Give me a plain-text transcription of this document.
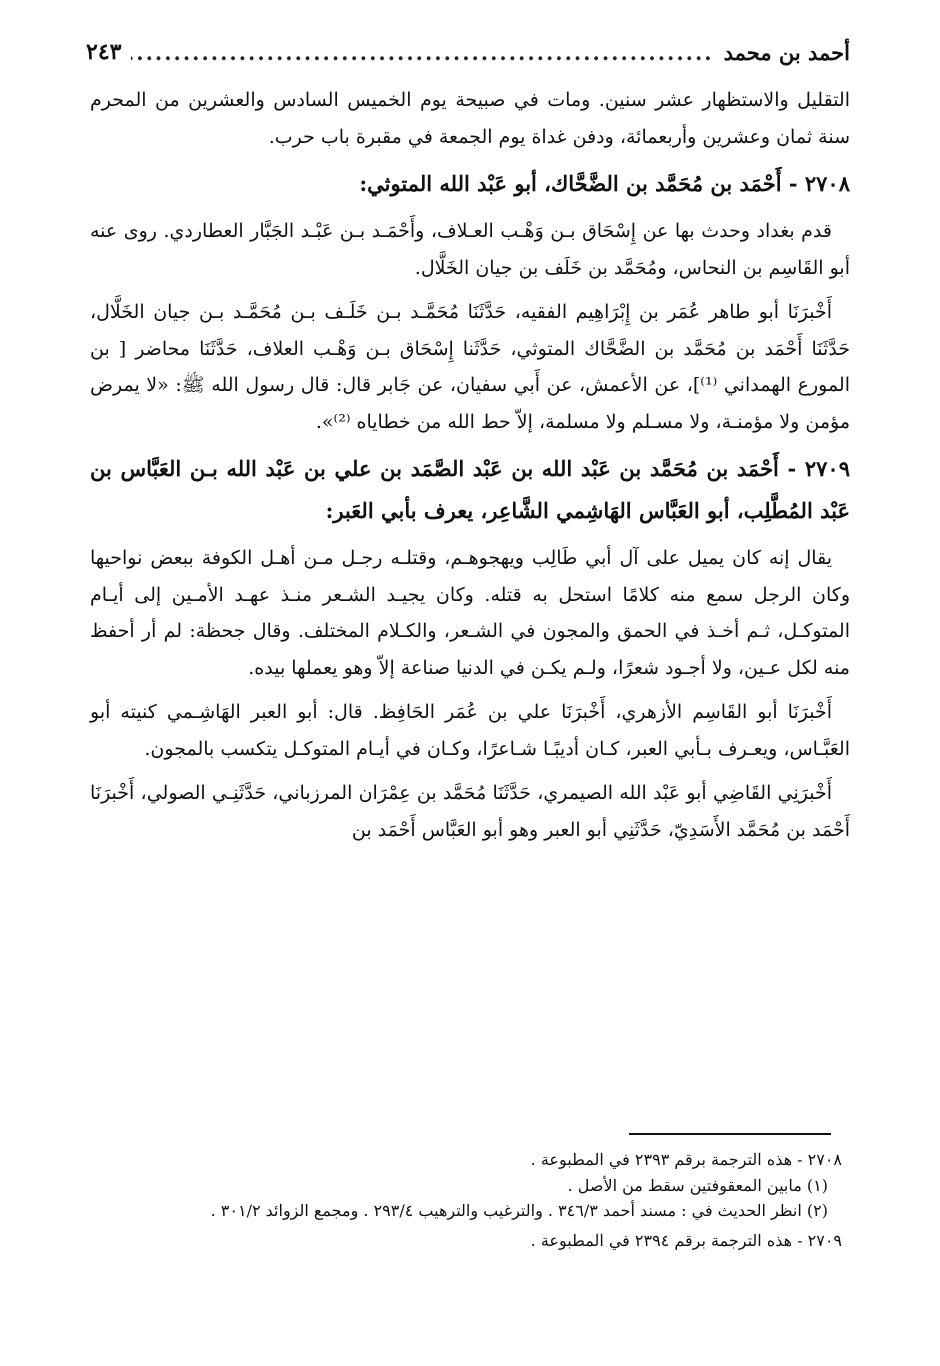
أحمد بن محمد
.....
٢٤٣

التقليل والاستظهار عشر سنين. ومات في صبيحة يوم الخميس السادس والعشرين من المحرم سنة ثمان وعشرين وأربعمائة، ودفن غداة يوم الجمعة في مقبرة باب حرب.

٢٧٠٨ - أَحْمَد بن مُحَمَّد بن الضَّحَّاك، أبو عَبْد الله المتوثي:

قدم بغداد وحدث بها عن إِسْحَاق بـن وَهْـب العـلاف، وأَحْمَـد بـن عَبْـد الجَبَّار العطاردي. روى عنه أبو القَاسِم بن النحاس، ومُحَمَّد بن خَلَف بن جيان الخَلَّال.

أَخْبرَنَا أبو طاهر عُمَر بن إِبْرَاهِيم الفقيه، حَدَّثَنَا مُحَمَّـد بـن خَلَـف بـن مُحَمَّـد بـن جيان الخَلَّال، حَدَّثَنَا أَحْمَد بن مُحَمَّد بن الضَّحَّاك المتوثي، حَدَّثَنا إِسْحَاق بـن وَهْـب العلاف، حَدَّثَنَا محاضر [ بن المورع الهمداني ⁽¹⁾]، عن الأعمش، عن أَبي سفيان، عن جَابر قال: قال رسول الله ﷺ: «لا يمرض مؤمن ولا مؤمنـة، ولا مسـلم ولا مسلمة، إلاّ حط الله من خطاياه ⁽²⁾».

٢٧٠٩ - أَحْمَد بن مُحَمَّد بن عَبْد الله بن عَبْد الصَّمَد بن علي بن عَبْد الله بـن العَبَّاس بن عَبْد المُطَّلِب، أبو العَبَّاس الهَاشِمي الشَّاعِر، يعرف بأبي العَبر:

يقال إنه كان يميل على آل أبي طَالِب ويهجوهـم، وقتلـه رجـل مـن أهـل الكوفة ببعض نواحيها وكان الرجل سمع منه كلامًا استحل به قتله. وكان يجيـد الشـعر منـذ عهـد الأمـين إلى أيـام المتوكـل، ثـم أخـذ في الحمق والمجون في الشـعر، والكـلام المختلف. وقال جحظة: لم أر أحفظ منه لكل عـين، ولا أجـود شعرًا، ولـم يكـن في الدنيا صناعة إلاّ وهو يعملها بيده.

أَخْبرَنَا أبو القَاسِم الأزهري، أَخْبرَنَا علي بن عُمَر الحَافِظ. قال: أبو العبر الهَاشِـمي كنيته أبو العَبَّـاس، ويعـرف بـأبي العبر، كـان أديبًـا شـاعرًا، وكـان في أيـام المتوكـل يتكسب بالمجون.

أَخْبرَنِي القَاضِي أبو عَبْد الله الصيمري، حَدَّثَنَا مُحَمَّد بن عِمْرَان المرزباني، حَدَّثَنِـي الصولي، أَخْبرَنَا أَحْمَد بن مُحَمَّد الأَسَدِيّ، حَدَّثَنِي أبو العبر وهو أبو العَبَّاس أَحْمَد بن

٢٧٠٨ - هذه الترجمة برقم ٢٣٩٣ في المطبوعة .
(١) مابين المعقوفتين سقط من الأصل .
(٢) انظر الحديث في : مسند أحمد ٣٤٦/٣ . والترغيب والترهيب ٢٩٣/٤ . ومجمع الزوائد ٣٠١/٢ .
٢٧٠٩ - هذه الترجمة برقم ٢٣٩٤ في المطبوعة .
